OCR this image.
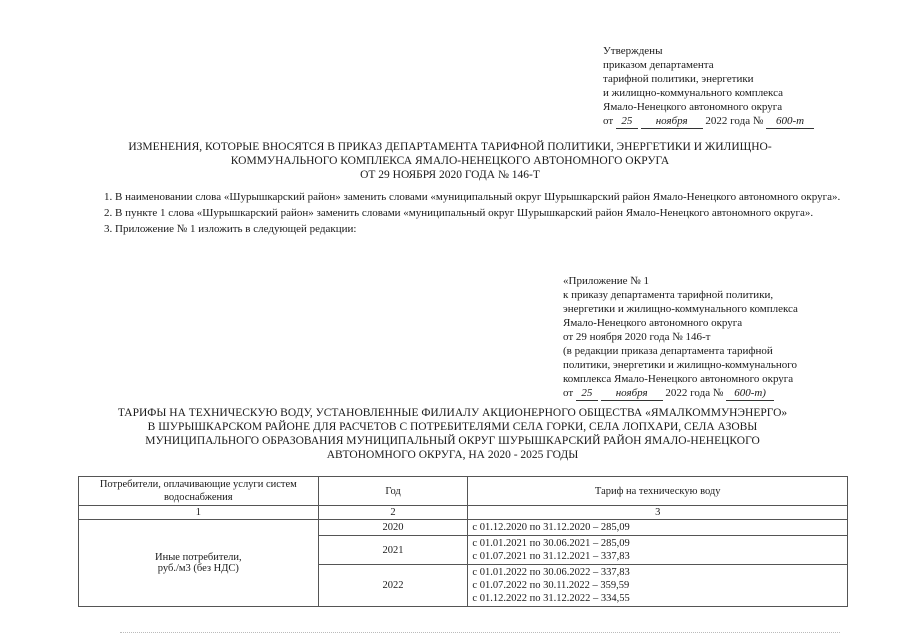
Утверждены
приказом департамента
тарифной политики, энергетики
и жилищно-коммунального комплекса
Ямало-Ненецкого автономного округа
от 25 ноября 2022 года № 600-т
ИЗМЕНЕНИЯ, КОТОРЫЕ ВНОСЯТСЯ В ПРИКАЗ ДЕПАРТАМЕНТА ТАРИФНОЙ ПОЛИТИКИ, ЭНЕРГЕТИКИ И ЖИЛИЩНО-
КОММУНАЛЬНОГО КОМПЛЕКСА ЯМАЛО-НЕНЕЦКОГО АВТОНОМНОГО ОКРУГА
ОТ 29 НОЯБРЯ 2020 ГОДА № 146-Т
1. В наименовании слова «Шурышкарский район» заменить словами «муниципальный округ Шурышкарский район Ямало-Ненецкого автономного округа».
2. В пункте 1 слова «Шурышкарский район» заменить словами «муниципальный округ Шурышкарский район Ямало-Ненецкого автономного округа».
3. Приложение № 1 изложить в следующей редакции:
«Приложение № 1
к приказу департамента тарифной политики,
энергетики и жилищно-коммунального комплекса
Ямало-Ненецкого автономного округа
от 29 ноября 2020 года № 146-т
(в редакции приказа департамента тарифной
политики, энергетики и жилищно-коммунального
комплекса Ямало-Ненецкого автономного округа
от 25 ноября 2022 года № 600-т)
ТАРИФЫ НА ТЕХНИЧЕСКУЮ ВОДУ, УСТАНОВЛЕННЫЕ ФИЛИАЛУ АКЦИОНЕРНОГО ОБЩЕСТВА «ЯМАЛКОММУНЭНЕРГО»
В ШУРЫШКАРСКОМ РАЙОНЕ ДЛЯ РАСЧЕТОВ С ПОТРЕБИТЕЛЯМИ СЕЛА ГОРКИ, СЕЛА ЛОПХАРИ, СЕЛА АЗОВЫ
МУНИЦИПАЛЬНОГО ОБРАЗОВАНИЯ МУНИЦИПАЛЬНЫЙ ОКРУГ ШУРЫШКАРСКИЙ РАЙОН ЯМАЛО-НЕНЕЦКОГО
АВТОНОМНОГО ОКРУГА, НА 2020 - 2025 ГОДЫ
Потребители, оплачивающие услуги систем водоснабжения	Год	Тариф на техническую воду
1	2	3

Иные потребители,
руб./м3 (без НДС)	2020	с 01.12.2020 по 31.12.2020 – 285,09

	2021	с 01.01.2021 по 30.06.2021 – 285,09
с 01.07.2021 по 31.12.2021 – 337,83

	2022	с 01.01.2022 по 30.06.2022 – 337,83
с 01.07.2022 по 30.11.2022 – 359,59
с 01.12.2022 по 31.12.2022 – 334,55
